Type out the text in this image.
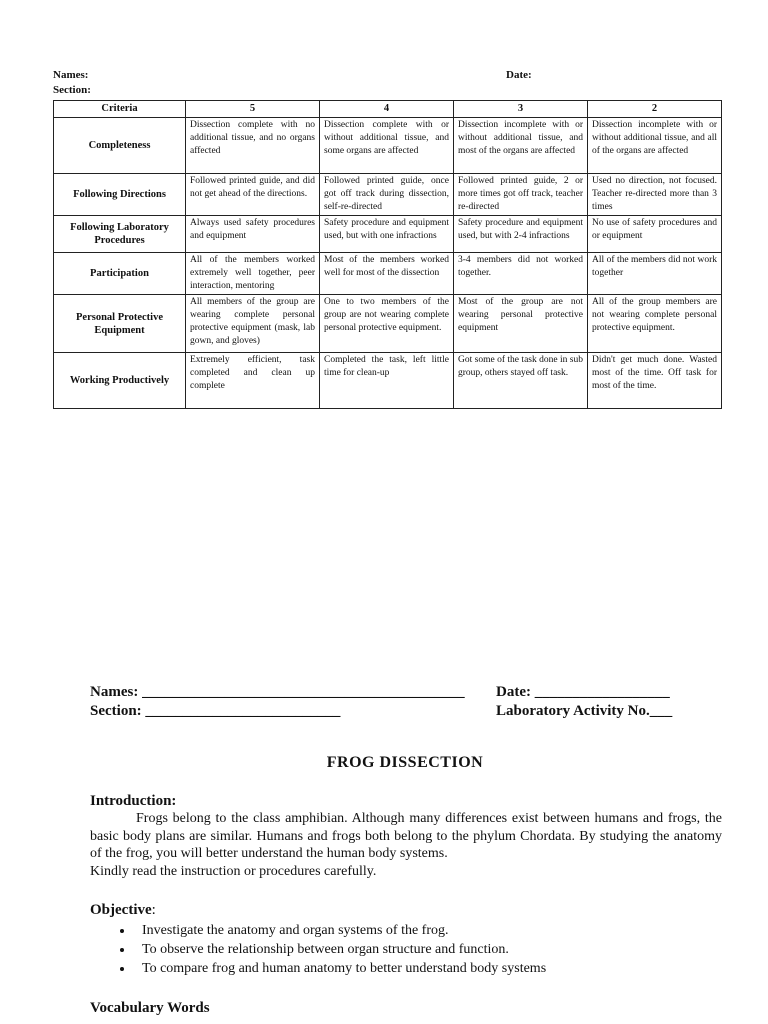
Names:	Date:
Section:
Criteria	5	4	3	2
Completeness	Dissection complete with no additional tissue, and no organs affected	Dissection complete with or without additional tissue, and some organs are affected	Dissection incomplete with or without additional tissue, and most of the organs are affected	Dissection incomplete with or without additional tissue, and all of the organs are affected
Following Directions	Followed printed guide, and did not get ahead of the directions.	Followed printed guide, once got off track during dissection, self-re-directed	Followed printed guide, 2 or more times got off track, teacher re-directed	Used no direction, not focused. Teacher re-directed more than 3 times
Following Laboratory Procedures	Always used safety procedures and equipment	Safety procedure and equipment used, but with one infractions	Safety procedure and equipment used, but with 2-4 infractions	No use of safety procedures and or equipment
Participation	All of the members worked extremely well together, peer interaction, mentoring	Most of the members worked well for most of the dissection	3-4 members did not worked together.	All of the members did not work together
Personal Protective Equipment	All members of the group are wearing complete personal protective equipment (mask, lab gown, and gloves)	One to two members of the group are not wearing complete personal protective equipment.	Most of the group are not wearing personal protective equipment	All of the group members are not wearing complete personal protective equipment.
Working Productively	Extremely efficient, task completed and clean up complete	Completed the task, left little time for clean-up	Got some of the task done in sub group, others stayed off task.	Didn't get much done. Wasted most of the time. Off task for most of the time.
Names: ___________________________________________
Section: __________________________
Date: __________________
Laboratory Activity No.___
FROG DISSECTION
Introduction:
Frogs belong to the class amphibian. Although many differences exist between humans and frogs, the basic body plans are similar. Humans and frogs both belong to the phylum Chordata. By studying the anatomy of the frog, you will better understand the human body systems.
Kindly read the instruction or procedures carefully.
Objective:
• Investigate the anatomy and organ systems of the frog.
• To observe the relationship between organ structure and function.
• To compare frog and human anatomy to better understand body systems
Vocabulary Words
